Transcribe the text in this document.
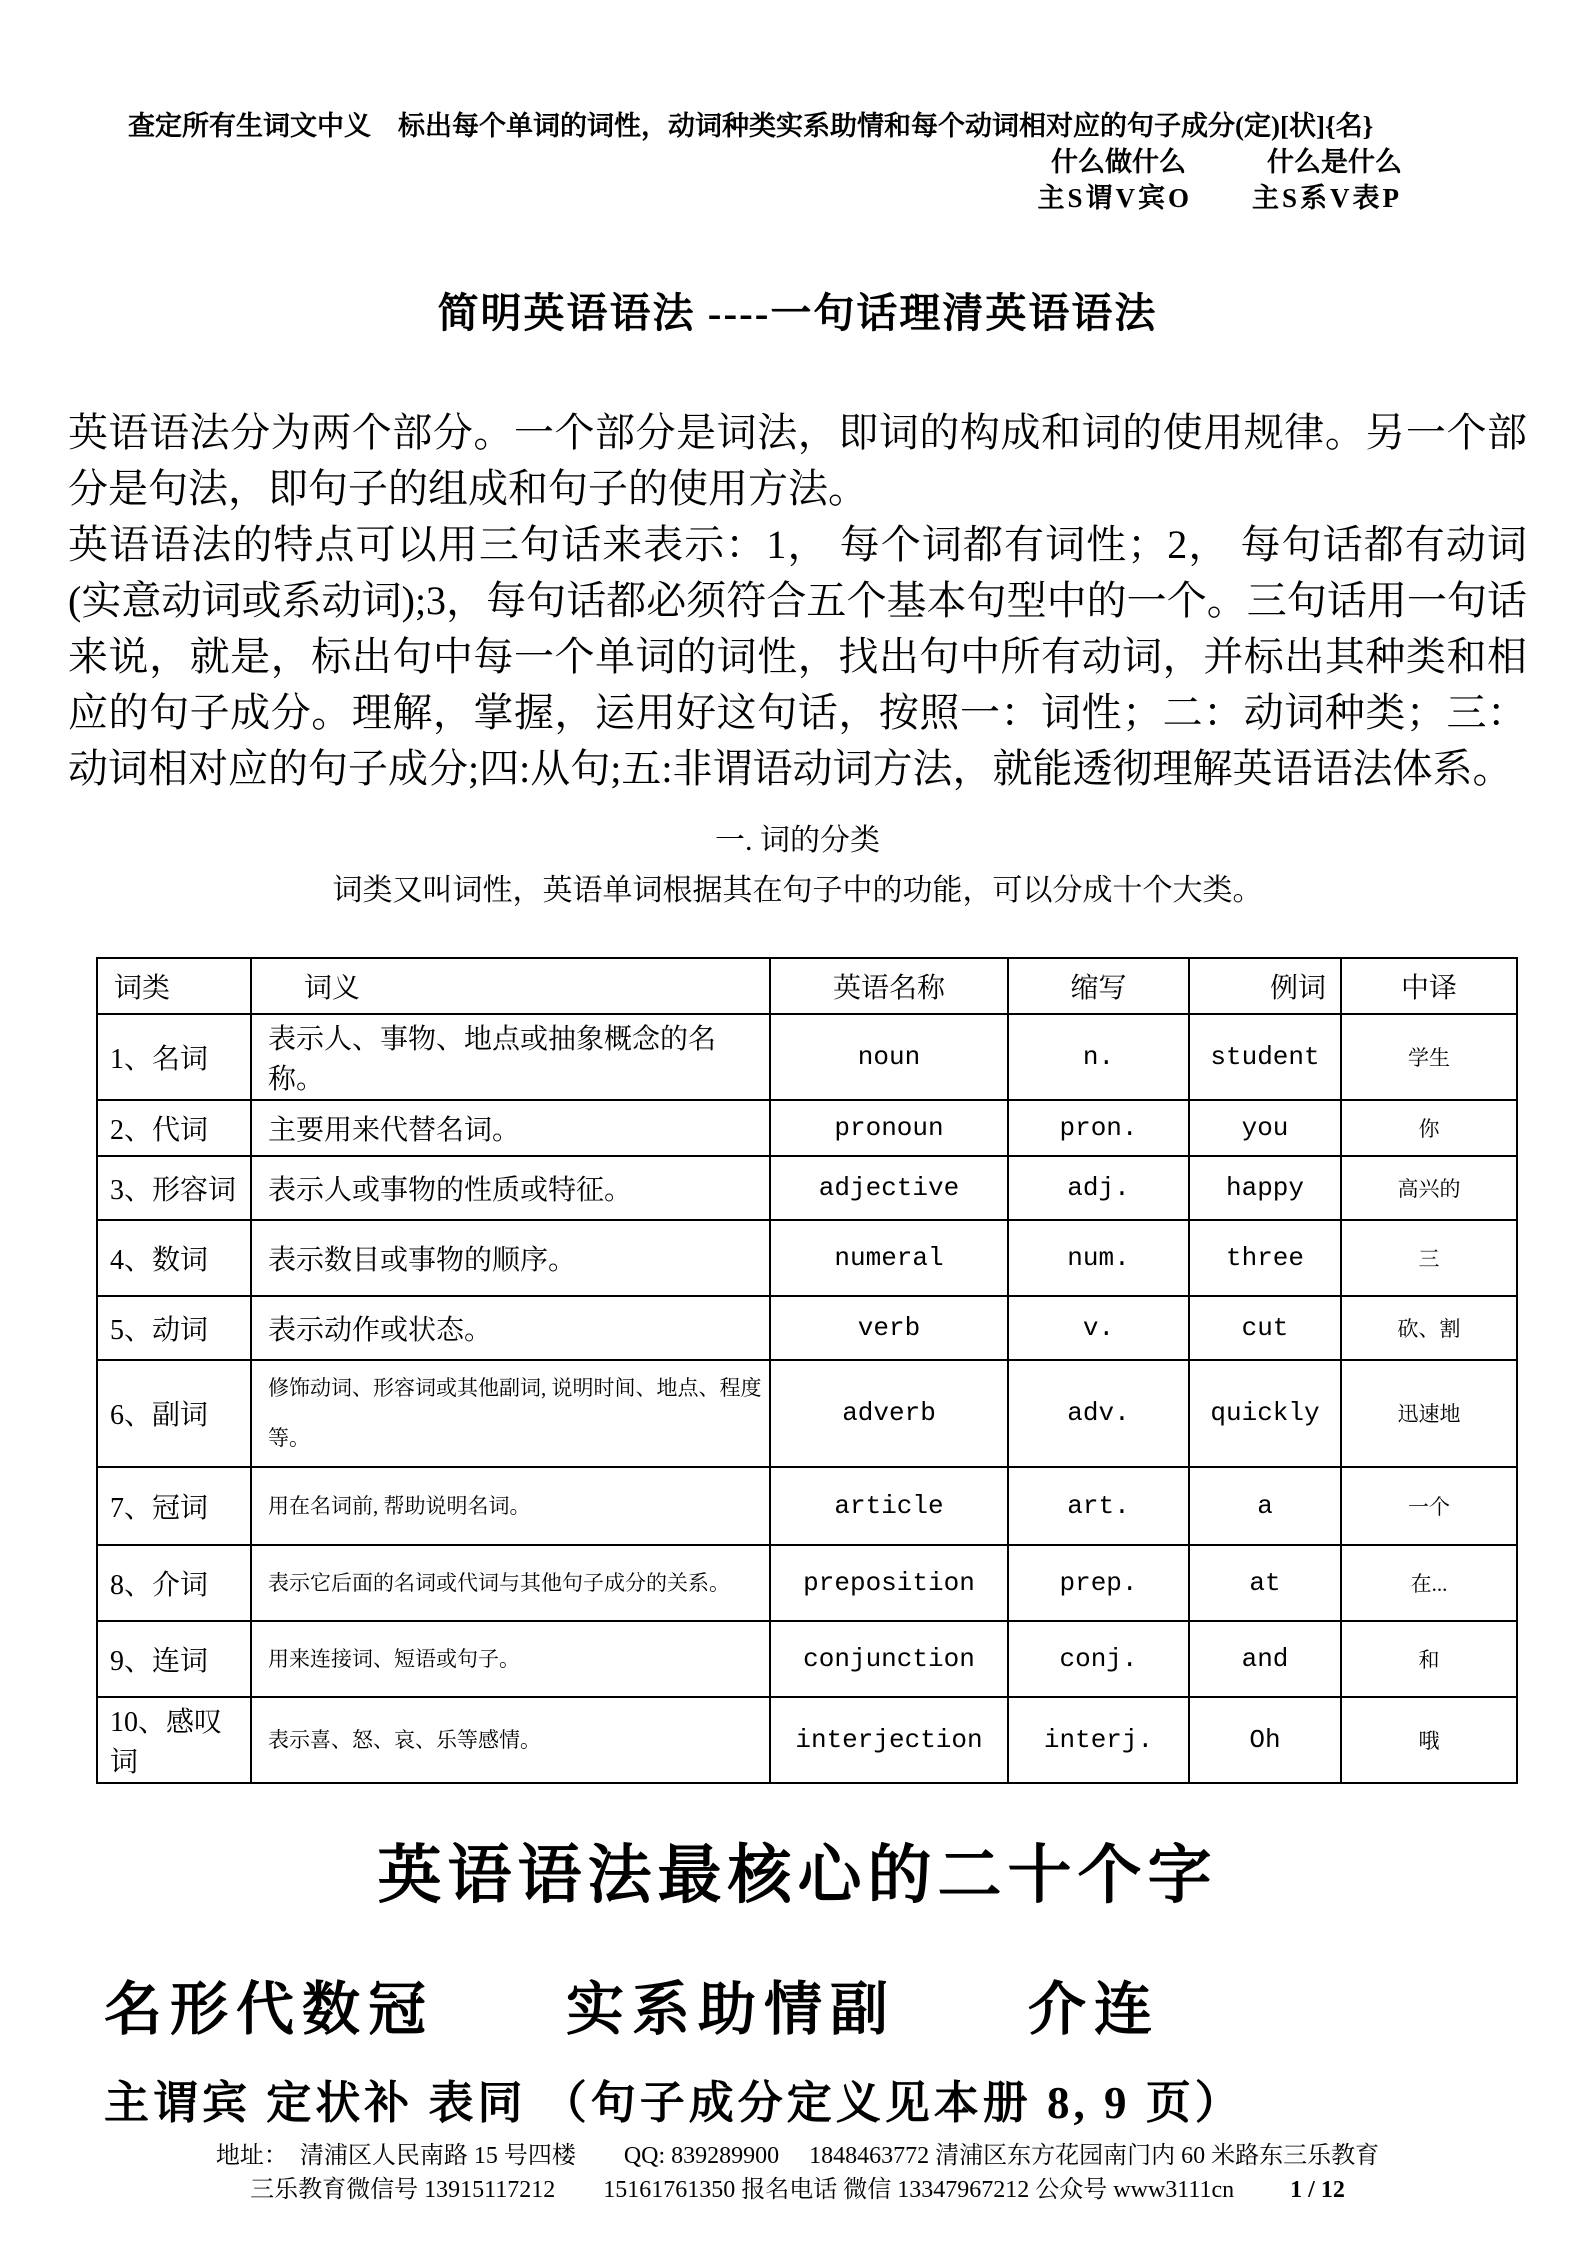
查定所有生词文中义　标出每个单词的词性，动词种类实系助情和每个动词相对应的句子成分(定)[状]{名}
什么做什么　　　什么是什么
主S谓V宾O　　主S系V表P
简明英语语法 ----一句话理清英语语法

英语语法分为两个部分。一个部分是词法，即词的构成和词的使用规律。另一个部分是句法，即句子的组成和句子的使用方法。

英语语法的特点可以用三句话来表示：1， 每个词都有词性；2， 每句话都有动词(实意动词或系动词);3，每句话都必须符合五个基本句型中的一个。三句话用一句话来说，就是，标出句中每一个单词的词性，找出句中所有动词，并标出其种类和相应的句子成分。理解，掌握，运用好这句话，按照一：词性；二：动词种类；三：动词相对应的句子成分;四:从句;五:非谓语动词方法，就能透彻理解英语语法体系。

一. 词的分类
词类又叫词性，英语单词根据其在句子中的功能，可以分成十个大类。
词类	词义	英语名称	缩写	例词	中译
1、名词	表示人、事物、地点或抽象概念的名称。	noun	n.	student	学生
2、代词	主要用来代替名词。	pronoun	pron.	you	你
3、形容词	表示人或事物的性质或特征。	adjective	adj.	happy	高兴的
4、数词	表示数目或事物的顺序。	numeral	num.	three	三
5、动词	表示动作或状态。	verb	v.	cut	砍、割
6、副词	修饰动词、形容词或其他副词, 说明时间、地点、程度等。	adverb	adv.	quickly	迅速地
7、冠词	用在名词前, 帮助说明名词。	article	art.	a	一个
8、介词	表示它后面的名词或代词与其他句子成分的关系。	preposition	prep.	at	在...
9、连词	用来连接词、短语或句子。	conjunction	conj.	and	和
10、感叹词	表示喜、怒、哀、乐等感情。	interjection	interj.	Oh	哦
英语语法最核心的二十个字
名形代数冠　　实系助情副　　介连
主谓宾 定状补 表同 （句子成分定义见本册 8, 9 页）
地址：　清浦区人民南路 15 号四楼　　QQ: 839289900　 1848463772 清浦区东方花园南门内 60 米路东三乐教育
三乐教育微信号 13915117212　　15161761350 报名电话 微信 13347967212 公众号 www3111cn 1 / 12
